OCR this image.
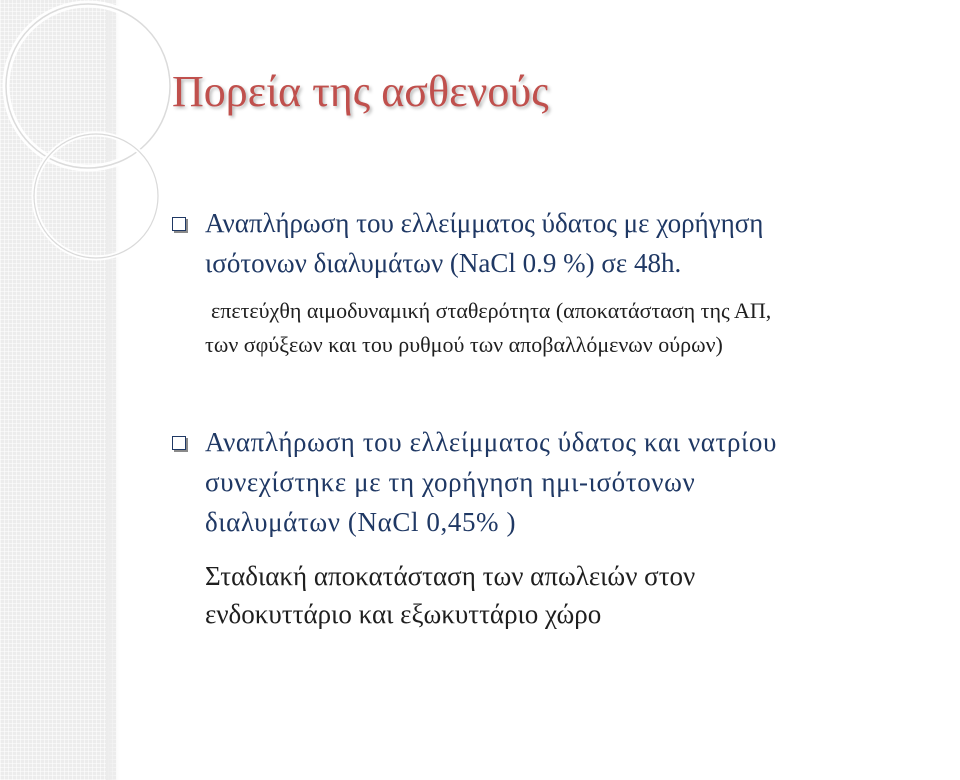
Πορεία της ασθενούς
Αναπλήρωση του ελλείμματος ύδατος με χορήγηση
ισότονων διαλυμάτων (NaCl 0.9 %) σε 48h.
επετεύχθη αιμοδυναμική σταθερότητα (αποκατάσταση της ΑΠ,
των σφύξεων και του ρυθμού των αποβαλλόμενων ούρων)
Αναπλήρωση του ελλείμματος ύδατος και νατρίου
συνεχίστηκε με τη χορήγηση ημι-ισότονων
διαλυμάτων (NαCl 0,45% )
Σταδιακή αποκατάσταση των απωλειών στον
ενδοκυττάριο και εξωκυττάριο χώρο
